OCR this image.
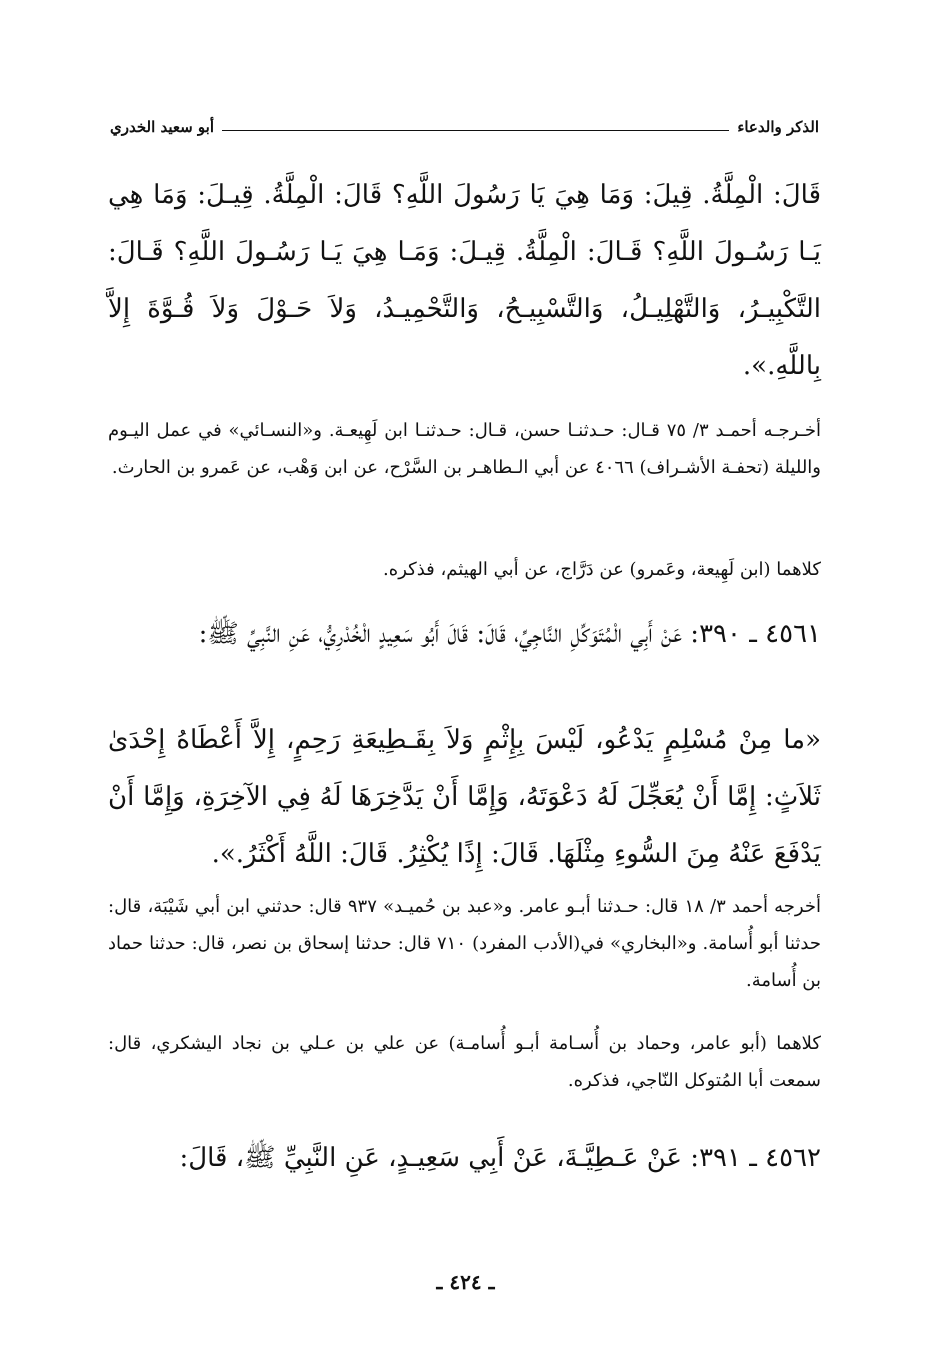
الذكر والدعاء
أبو سعيد الخدري

قَالَ: الْمِلَّةُ. قِيلَ: وَمَا هِيَ يَا رَسُولَ اللَّهِ؟ قَالَ: الْمِلَّةُ. قِيـلَ: وَمَا هِي يَـا رَسُـولَ اللَّهِ؟ قَـالَ: الْمِلَّةُ. قِيـلَ: وَمَـا هِيَ يَـا رَسُـولَ اللَّهِ؟ قَـالَ: التَّكْبِيـرُ، وَالتَّهْلِيـلُ، وَالتَّسْبِيـحُ، وَالتَّحْمِيـدُ، وَلاَ حَـوْلَ وَلاَ قُـوَّةَ إِلاَّ بِاللَّهِ.».

أخـرجـه أحمـد ٣/ ٧٥ قـال: حـدثنـا حسن، قـال: حـدثنـا ابن لَهِيعـة. و«النسـائي» في عمل اليـوم والليلة (تحفـة الأشـراف) ٤٠٦٦ عن أبي الـطاهـر بن السَّرْح، عن ابن وَهْب، عن عَمرو بن الحارث.

كلاهما (ابن لَهِيعة، وعَمرو) عن دَرَّاج، عن أبي الهيثم، فذكره.

٤٥٦١ ـ ٣٩٠: عَنْ أَبِي الْمُتَوَكِّلِ النَّاجِيِّ، قَالَ: قَالَ أَبُو سَعِيدٍ الْخُدْرِيُّ، عَنِ النَّبِيِّ ﷺ:

«ما مِنْ مُسْلِمٍ يَدْعُو، لَيْسَ بِإِثْمٍ وَلاَ بِقَـطِيعَةِ رَحِمٍ، إِلاَّ أَعْطَاهُ إِحْدَىٰ ثَلاَثٍ: إِمَّا أَنْ يُعَجِّلَ لَهُ دَعْوَتَهُ، وَإِمَّا أَنْ يَدَّخِرَهَا لَهُ فِي الآخِرَةِ، وَإِمَّا أَنْ يَدْفَعَ عَنْهُ مِنَ السُّوءِ مِثْلَهَا. قَالَ: إِذًا يُكْثِرُ. قَالَ: اللَّهُ أَكْثَرُ.».

أخرجه أحمد ٣/ ١٨ قال: حـدثنا أبـو عامر. و«عبد بن حُميـد» ٩٣٧ قال: حدثني ابن أبي شَيْبَة، قال: حدثنا أبو أُسامة. و«البخاري» في(الأدب المفرد) ٧١٠ قال: حدثنا إسحاق بن نصر، قال: حدثنا حماد بن أُسامة.

كلاهما (أبو عامر، وحماد بن أُسـامة أبـو أُسامـة) عن علي بن عـلي بن نجاد اليشكري، قال: سمعت أبا المُتوكل النّاجي، فذكره.

٤٥٦٢ ـ ٣٩١: عَنْ عَـطِيَّـةَ، عَنْ أَبِي سَعِيـدٍ، عَنِ النَّبِيِّ ﷺ، قَالَ:

ـ ٤٢٤ ـ
